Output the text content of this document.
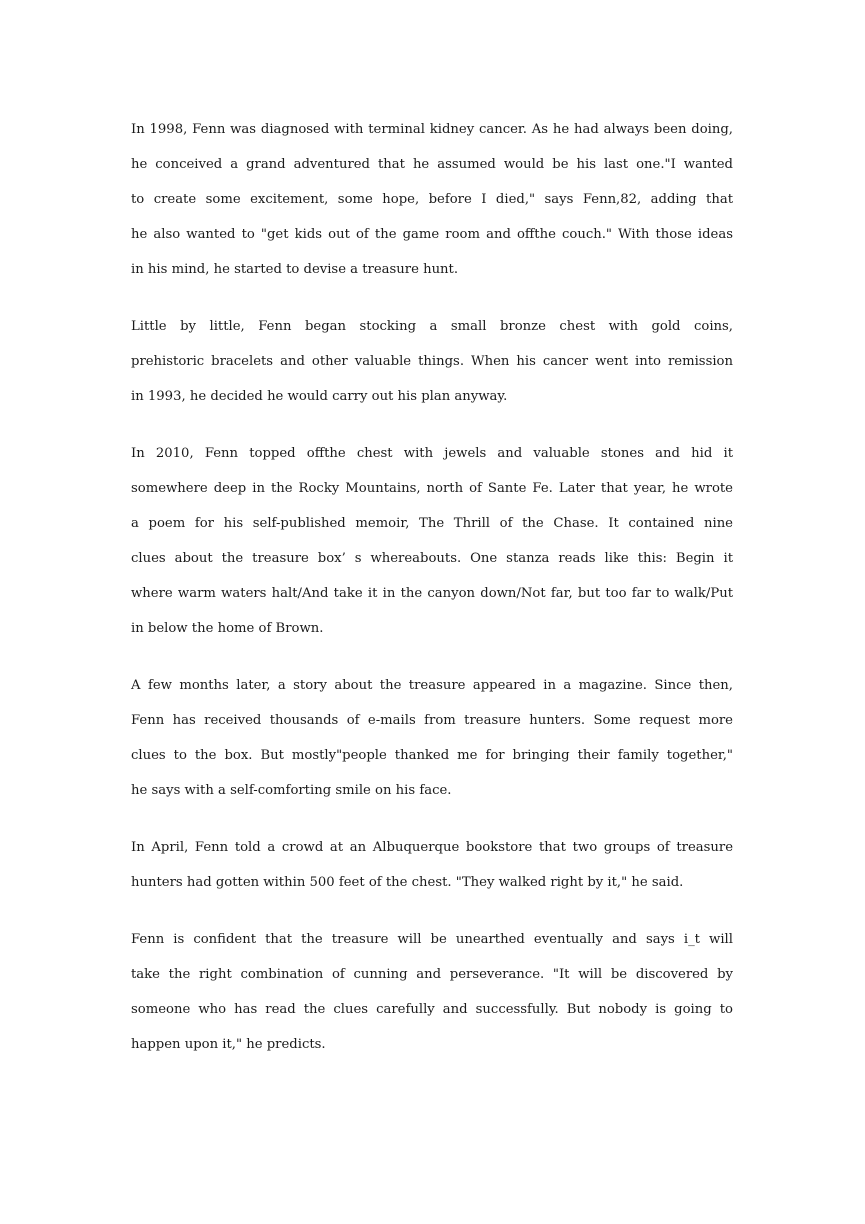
In 1998, Fenn was diagnosed with terminal kidney cancer. As he had always been doing,
he conceived a grand adventured that he assumed would be his last one."I wanted
to create some excitement, some hope, before I died," says Fenn,82, adding that
he also wanted to "get kids out of the game room and offthe couch." With those ideas
in his mind, he started to devise a treasure hunt.
Little by little, Fenn began stocking a small bronze chest with gold coins,
prehistoric bracelets and other valuable things. When his cancer went into remission
in 1993, he decided he would carry out his plan anyway.
In 2010, Fenn topped offthe chest with jewels and valuable stones and hid it
somewhere deep in the Rocky Mountains, north of Sante Fe. Later that year, he wrote
a poem for his self-published memoir, The Thrill of the Chase. It contained nine
clues about the treasure box’ s whereabouts. One stanza reads like this: Begin it
where warm waters halt/And take it in the canyon down/Not far, but too far to walk/Put
in below the home of Brown.
A few months later, a story about the treasure appeared in a magazine. Since then,
Fenn has received thousands of e-mails from treasure hunters. Some request more
clues to the box. But mostly"people thanked me for bringing their family together,"
he says with a self-comforting smile on his face.
In April, Fenn told a crowd at an Albuquerque bookstore that two groups of treasure
hunters had gotten within 500 feet of the chest. "They walked right by it," he said.
Fenn is confident that the treasure will be unearthed eventually and says i_t will
take the right combination of cunning and perseverance. "It will be discovered by
someone who has read the clues carefully and successfully. But nobody is going to
happen upon it," he predicts.
